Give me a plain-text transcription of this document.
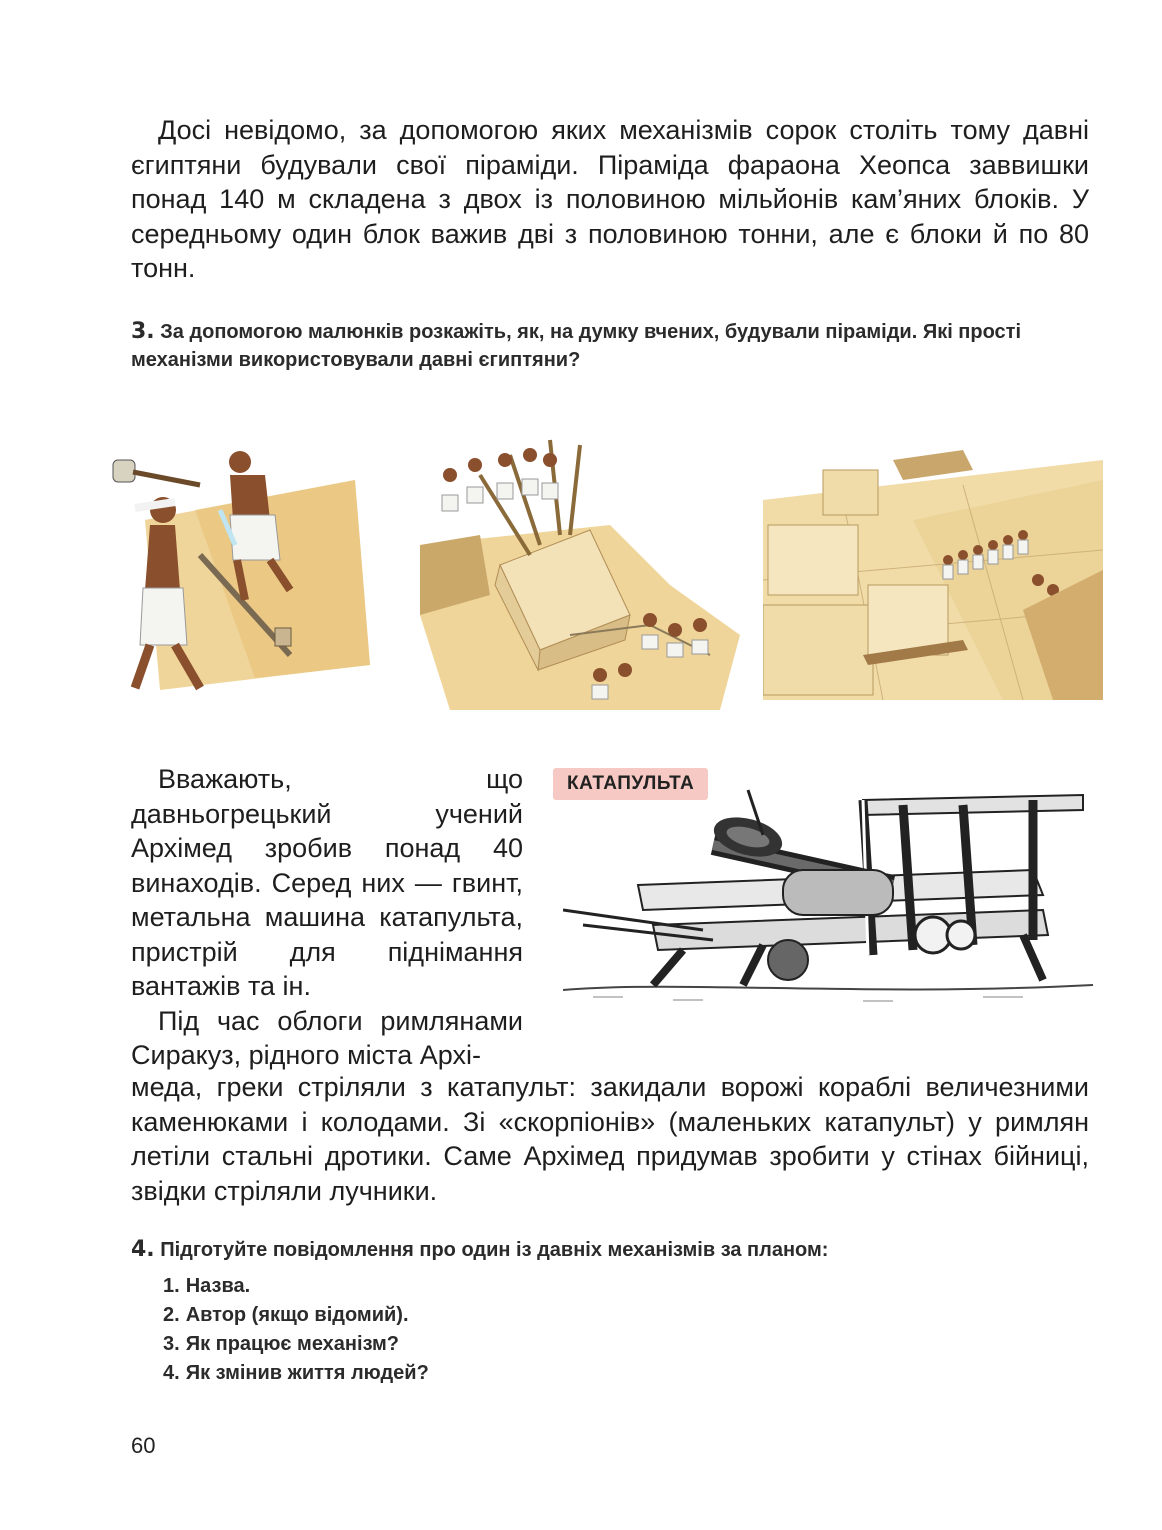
Досі невідомо, за допомогою яких механізмів сорок століть тому давні єгиптяни будували свої піраміди. Піраміда фараона Хеопса заввишки понад 140 м складена з двох із половиною мільйонів кам’яних блоків. У середньому один блок важив дві з половиною тонни, але є блоки й по 80 тонн.

3. За допомогою малюнків розкажіть, як, на думку вчених, будували піраміди. Які прості механізми використовували давні єгиптяни?

КАТАПУЛЬТА

Вважають, що давньогрецький учений Архімед зробив понад 40 винаходів. Серед них — гвинт, метальна машина катапульта, пристрій для піднімання вантажів та ін.

Під час облоги римлянами Сиракуз, рідного міста Архі-

меда, греки стріляли з катапульт: закидали ворожі кораблі величезними каменюками і колодами. Зі «скорпіонів» (маленьких катапульт) у римлян летіли стальні дротики. Саме Архімед придумав зробити у стінах бійниці, звідки стріляли лучники.

4. Підготуйте повідомлення про один із давніх механізмів за планом:

1. Назва.
2. Автор (якщо відомий).
3. Як працює механізм?
4. Як змінив життя людей?
60
